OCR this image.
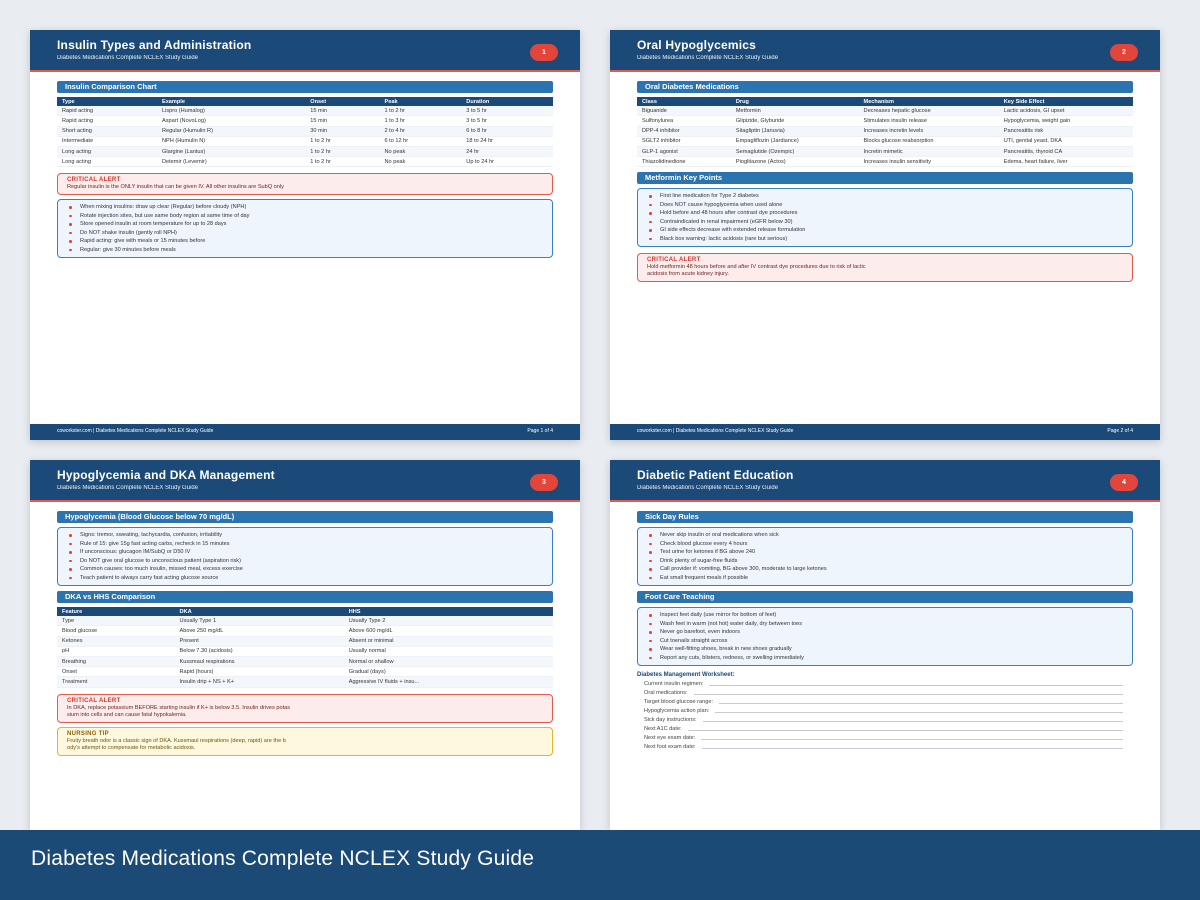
Insulin Types and Administration
Diabetes Medications Complete NCLEX Study Guide
1
Insulin Comparison Chart
Type	Example	Onset	Peak	Duration
Rapid acting	Lispro (Humalog)	15 min	1 to 2 hr	3 to 5 hr
Rapid acting	Aspart (NovoLog)	15 min	1 to 3 hr	3 to 5 hr
Short acting	Regular (Humulin R)	30 min	2 to 4 hr	6 to 8 hr
Intermediate	NPH (Humulin N)	1 to 2 hr	6 to 12 hr	18 to 24 hr
Long acting	Glargine (Lantus)	1 to 2 hr	No peak	24 hr
Long acting	Detemir (Levemir)	1 to 2 hr	No peak	Up to 24 hr
CRITICAL ALERT
Regular insulin is the ONLY insulin that can be given IV. All other insulins are SubQ only
When mixing insulins: draw up clear (Regular) before cloudy (NPH)
Rotate injection sites, but use same body region at same time of day
Store opened insulin at room temperature for up to 28 days
Do NOT shake insulin (gently roll NPH)
Rapid acting: give with meals or 15 minutes before
Regular: give 30 minutes before meals
coworkster.com | Diabetes Medications Complete NCLEX Study Guide	Page 1 of 4
Oral Hypoglycemics
Diabetes Medications Complete NCLEX Study Guide
2
Oral Diabetes Medications
Class	Drug	Mechanism	Key Side Effect
Biguanide	Metformin	Decreases hepatic glucose	Lactic acidosis, GI upset
Sulfonylurea	Glipizide, Glyburide	Stimulates insulin release	Hypoglycemia, weight gain
DPP-4 inhibitor	Sitagliptin (Januvia)	Increases incretin levels	Pancreatitis risk
SGLT2 inhibitor	Empagliflozin (Jardiance)	Blocks glucose reabsorption	UTI, genital yeast, DKA
GLP-1 agonist	Semaglutide (Ozempic)	Incretin mimetic	Pancreatitis, thyroid CA
Thiazolidinedione	Pioglitazone (Actos)	Increases insulin sensitivity	Edema, heart failure, liver
Metformin Key Points
First line medication for Type 2 diabetes
Does NOT cause hypoglycemia when used alone
Hold before and 48 hours after contrast dye procedures
Contraindicated in renal impairment (eGFR below 30)
GI side effects decrease with extended release formulation
Black box warning: lactic acidosis (rare but serious)
CRITICAL ALERT
Hold metformin 48 hours before and after IV contrast dye procedures due to risk of lactic
acidosis from acute kidney injury.
coworkster.com | Diabetes Medications Complete NCLEX Study Guide	Page 2 of 4
Hypoglycemia and DKA Management
Diabetes Medications Complete NCLEX Study Guide
3
Hypoglycemia (Blood Glucose below 70 mg/dL)
Signs: tremor, sweating, tachycardia, confusion, irritability
Rule of 15: give 15g fast acting carbs, recheck in 15 minutes
If unconscious: glucagon IM/SubQ or D50 IV
Do NOT give oral glucose to unconscious patient (aspiration risk)
Common causes: too much insulin, missed meal, excess exercise
Teach patient to always carry fast acting glucose source
DKA vs HHS Comparison
Feature	DKA	HHS
Type	Usually Type 1	Usually Type 2
Blood glucose	Above 250 mg/dL	Above 600 mg/dL
Ketones	Present	Absent or minimal
pH	Below 7.30 (acidosis)	Usually normal
Breathing	Kussmaul respirations	Normal or shallow
Onset	Rapid (hours)	Gradual (days)
Treatment	Insulin drip + NS + K+	Aggressive IV fluids + insu...
CRITICAL ALERT
In DKA, replace potassium BEFORE starting insulin if K+ is below 3.5. Insulin drives potas
sium into cells and can cause fatal hypokalemia.
NURSING TIP
Fruity breath odor is a classic sign of DKA. Kussmaul respirations (deep, rapid) are the b
ody's attempt to compensate for metabolic acidosis.
Diabetic Patient Education
Diabetes Medications Complete NCLEX Study Guide
4
Sick Day Rules
Never skip insulin or oral medications when sick
Check blood glucose every 4 hours
Test urine for ketones if BG above 240
Drink plenty of sugar-free fluids
Call provider if: vomiting, BG above 300, moderate to large ketones
Eat small frequent meals if possible
Foot Care Teaching
Inspect feet daily (use mirror for bottom of feet)
Wash feet in warm (not hot) water daily, dry between toes
Never go barefoot, even indoors
Cut toenails straight across
Wear well-fitting shoes, break in new shoes gradually
Report any cuts, blisters, redness, or swelling immediately
Diabetes Management Worksheet:
Current insulin regimen:
Oral medications:
Target blood glucose range:
Hypoglycemia action plan:
Sick day instructions:
Next A1C date:
Next eye exam date:
Next foot exam date:
Diabetes Medications Complete NCLEX Study Guide
